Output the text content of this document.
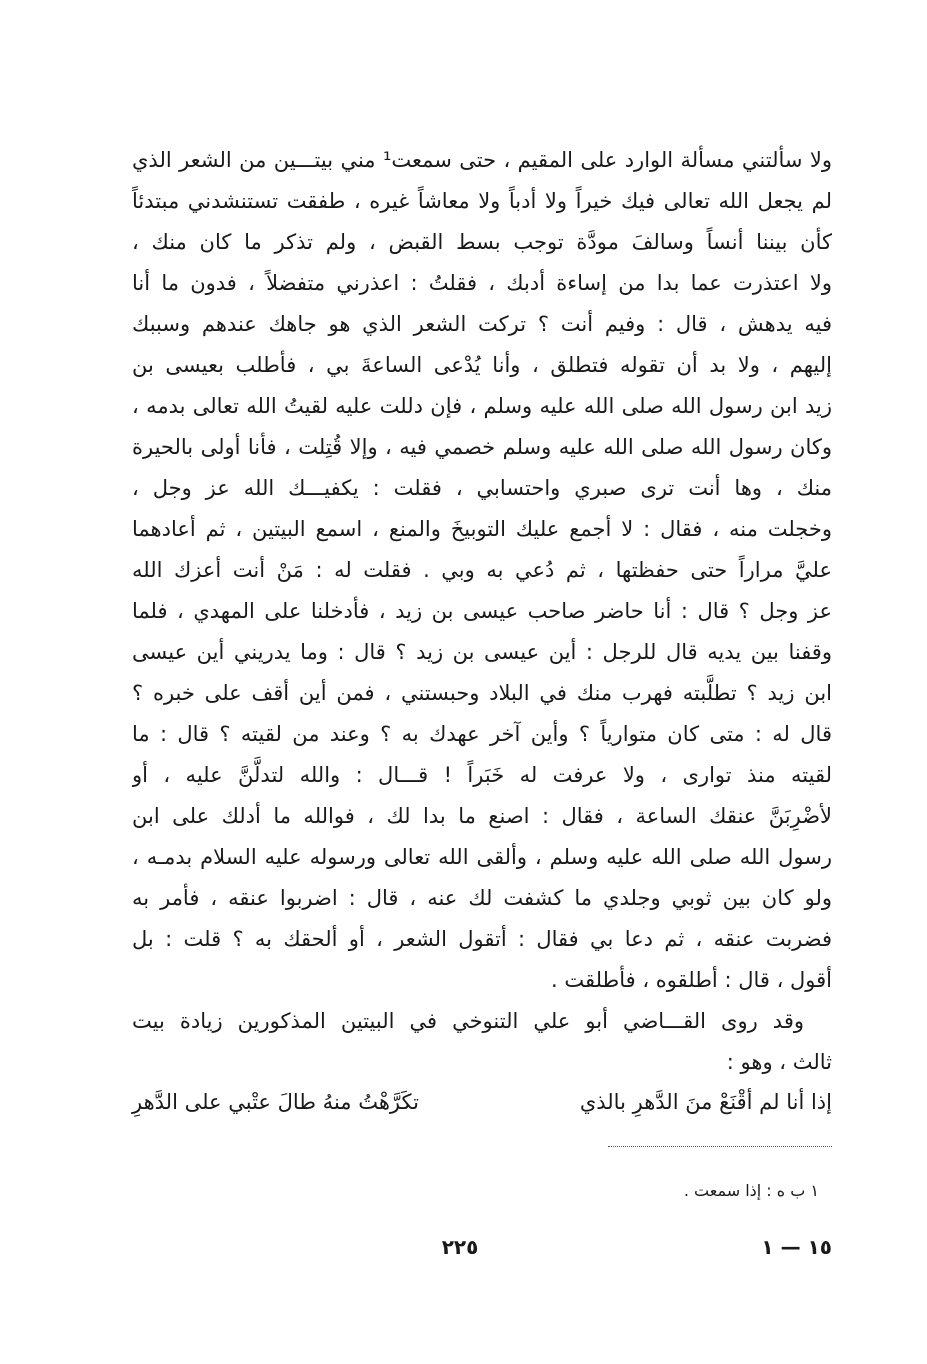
ولا سألتني مسألة الوارد على المقيم ، حتى سمعت¹ مني بيتـــين من الشعر الذي
لم يجعل الله تعالى فيك خيراً ولا أدباً ولا معاشاً غيره ، طفقت تستنشدني مبتدئاً
كأن بيننا أنساً وسالفَ مودَّة توجب بسط القبض ، ولم تذكر ما كان منك ،
ولا اعتذرت عما بدا من إساءة أدبك ، فقلتُ : اعذرني متفضلاً ، فدون ما أنا
فيه يدهش ، قال : وفيم أنت ؟ تركت الشعر الذي هو جاهك عندهم وسببك
إليهم ، ولا بد أن تقوله فتطلق ، وأنا يُدْعى الساعةَ بي ، فأطلب بعيسى بن
زيد ابن رسول الله صلى الله عليه وسلم ، فإن دللت عليه لقيتُ الله تعالى بدمه ،
وكان رسول الله صلى الله عليه وسلم خصمي فيه ، وإلا قُتِلت ، فأنا أولى بالحيرة
منك ، وها أنت ترى صبري واحتسابي ، فقلت : يكفيـــك الله عز وجل ،
وخجلت منه ، فقال : لا أجمع عليك التوبيخَ والمنع ، اسمع البيتين ، ثم أعادهما
عليَّ مراراً حتى حفظتها ، ثم دُعي به وبي . فقلت له : مَنْ أنت أعزك الله
عز وجل ؟ قال : أنا حاضر صاحب عيسى بن زيد ، فأدخلنا على المهدي ، فلما
وقفنا بين يديه قال للرجل : أين عيسى بن زيد ؟ قال : وما يدريني أين عيسى
ابن زيد ؟ تطلَّبته فهرب منك في البلاد وحبستني ، فمن أين أقف على خبره ؟
قال له : متى كان متوارياً ؟ وأين آخر عهدك به ؟ وعند من لقيته ؟ قال : ما
لقيته منذ توارى ، ولا عرفت له خَبَراً ! قـــال : والله لتدلَّنَّ عليه ، أو
لأضْرِبَنَّ عنقك الساعة ، فقال : اصنع ما بدا لك ، فوالله ما أدلك على ابن
رسول الله صلى الله عليه وسلم ، وألقى الله تعالى ورسوله عليه السلام بدمـه ،
ولو كان بين ثوبي وجلدي ما كشفت لك عنه ، قال : اضربوا عنقه ، فأمر به
فضربت عنقه ، ثم دعا بي فقال : أتقول الشعر ، أو ألحقك به ؟ قلت : بل
أقول ، قال : أطلقوه ، فأطلقت .
وقد روى القـــاضي أبو علي التنوخي في البيتين المذكورين زيادة بيت
ثالث ، وهو :
إذا أنا لم أقْنَعْ منَ الدَّهرِ بالذي
تكَرَّهْتُ منهُ طالَ عتْبي على الدَّهرِ
١ ب ه : إذا سمعت .
٢٢٥	١٥ — ١
